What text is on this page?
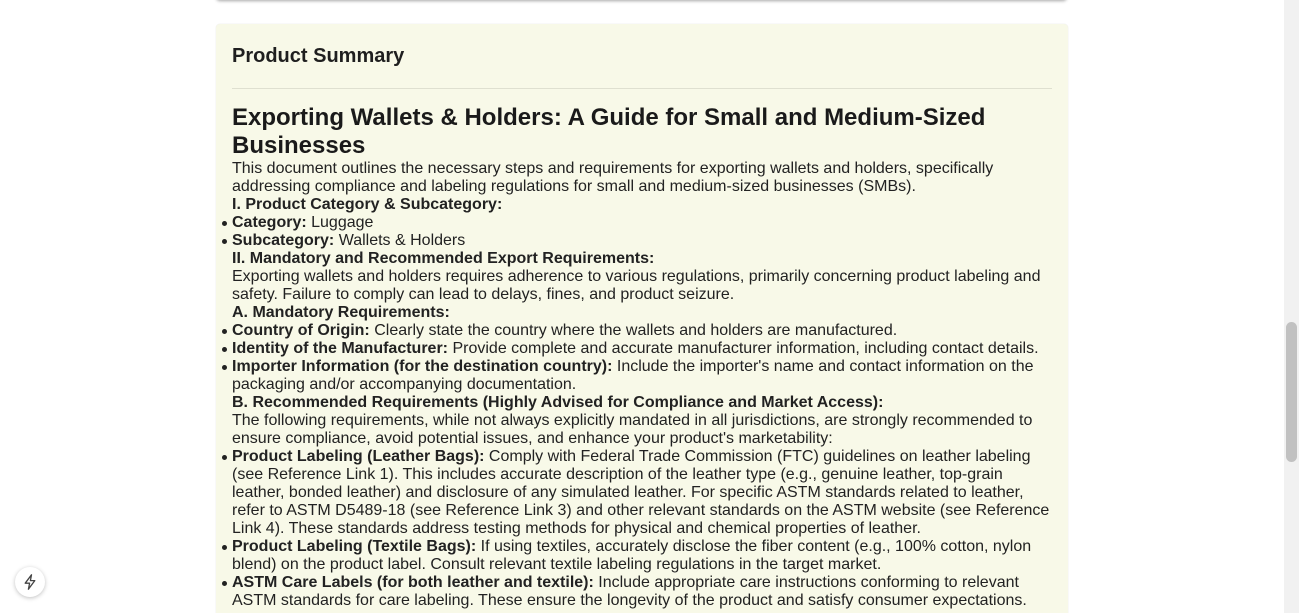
Product Summary
Exporting Wallets & Holders: A Guide for Small and Medium-Sized Businesses

This document outlines the necessary steps and requirements for exporting wallets and holders, specifically addressing compliance and labeling regulations for small and medium-sized businesses (SMBs).

I. Product Category & Subcategory:

Category: Luggage
Subcategory: Wallets & Holders

II. Mandatory and Recommended Export Requirements:

Exporting wallets and holders requires adherence to various regulations, primarily concerning product labeling and safety. Failure to comply can lead to delays, fines, and product seizure.

A. Mandatory Requirements:

Country of Origin: Clearly state the country where the wallets and holders are manufactured.
Identity of the Manufacturer: Provide complete and accurate manufacturer information, including contact details.
Importer Information (for the destination country): Include the importer's name and contact information on the packaging and/or accompanying documentation.

B. Recommended Requirements (Highly Advised for Compliance and Market Access):

The following requirements, while not always explicitly mandated in all jurisdictions, are strongly recommended to ensure compliance, avoid potential issues, and enhance your product's marketability:

Product Labeling (Leather Bags): Comply with Federal Trade Commission (FTC) guidelines on leather labeling (see Reference Link 1). This includes accurate description of the leather type (e.g., genuine leather, top-grain leather, bonded leather) and disclosure of any simulated leather. For specific ASTM standards related to leather, refer to ASTM D5489-18 (see Reference Link 3) and other relevant standards on the ASTM website (see Reference Link 4). These standards address testing methods for physical and chemical properties of leather.
Product Labeling (Textile Bags): If using textiles, accurately disclose the fiber content (e.g., 100% cotton, nylon blend) on the product label. Consult relevant textile labeling regulations in the target market.
ASTM Care Labels (for both leather and textile): Include appropriate care instructions conforming to relevant ASTM standards for care labeling. These ensure the longevity of the product and satisfy consumer expectations.
